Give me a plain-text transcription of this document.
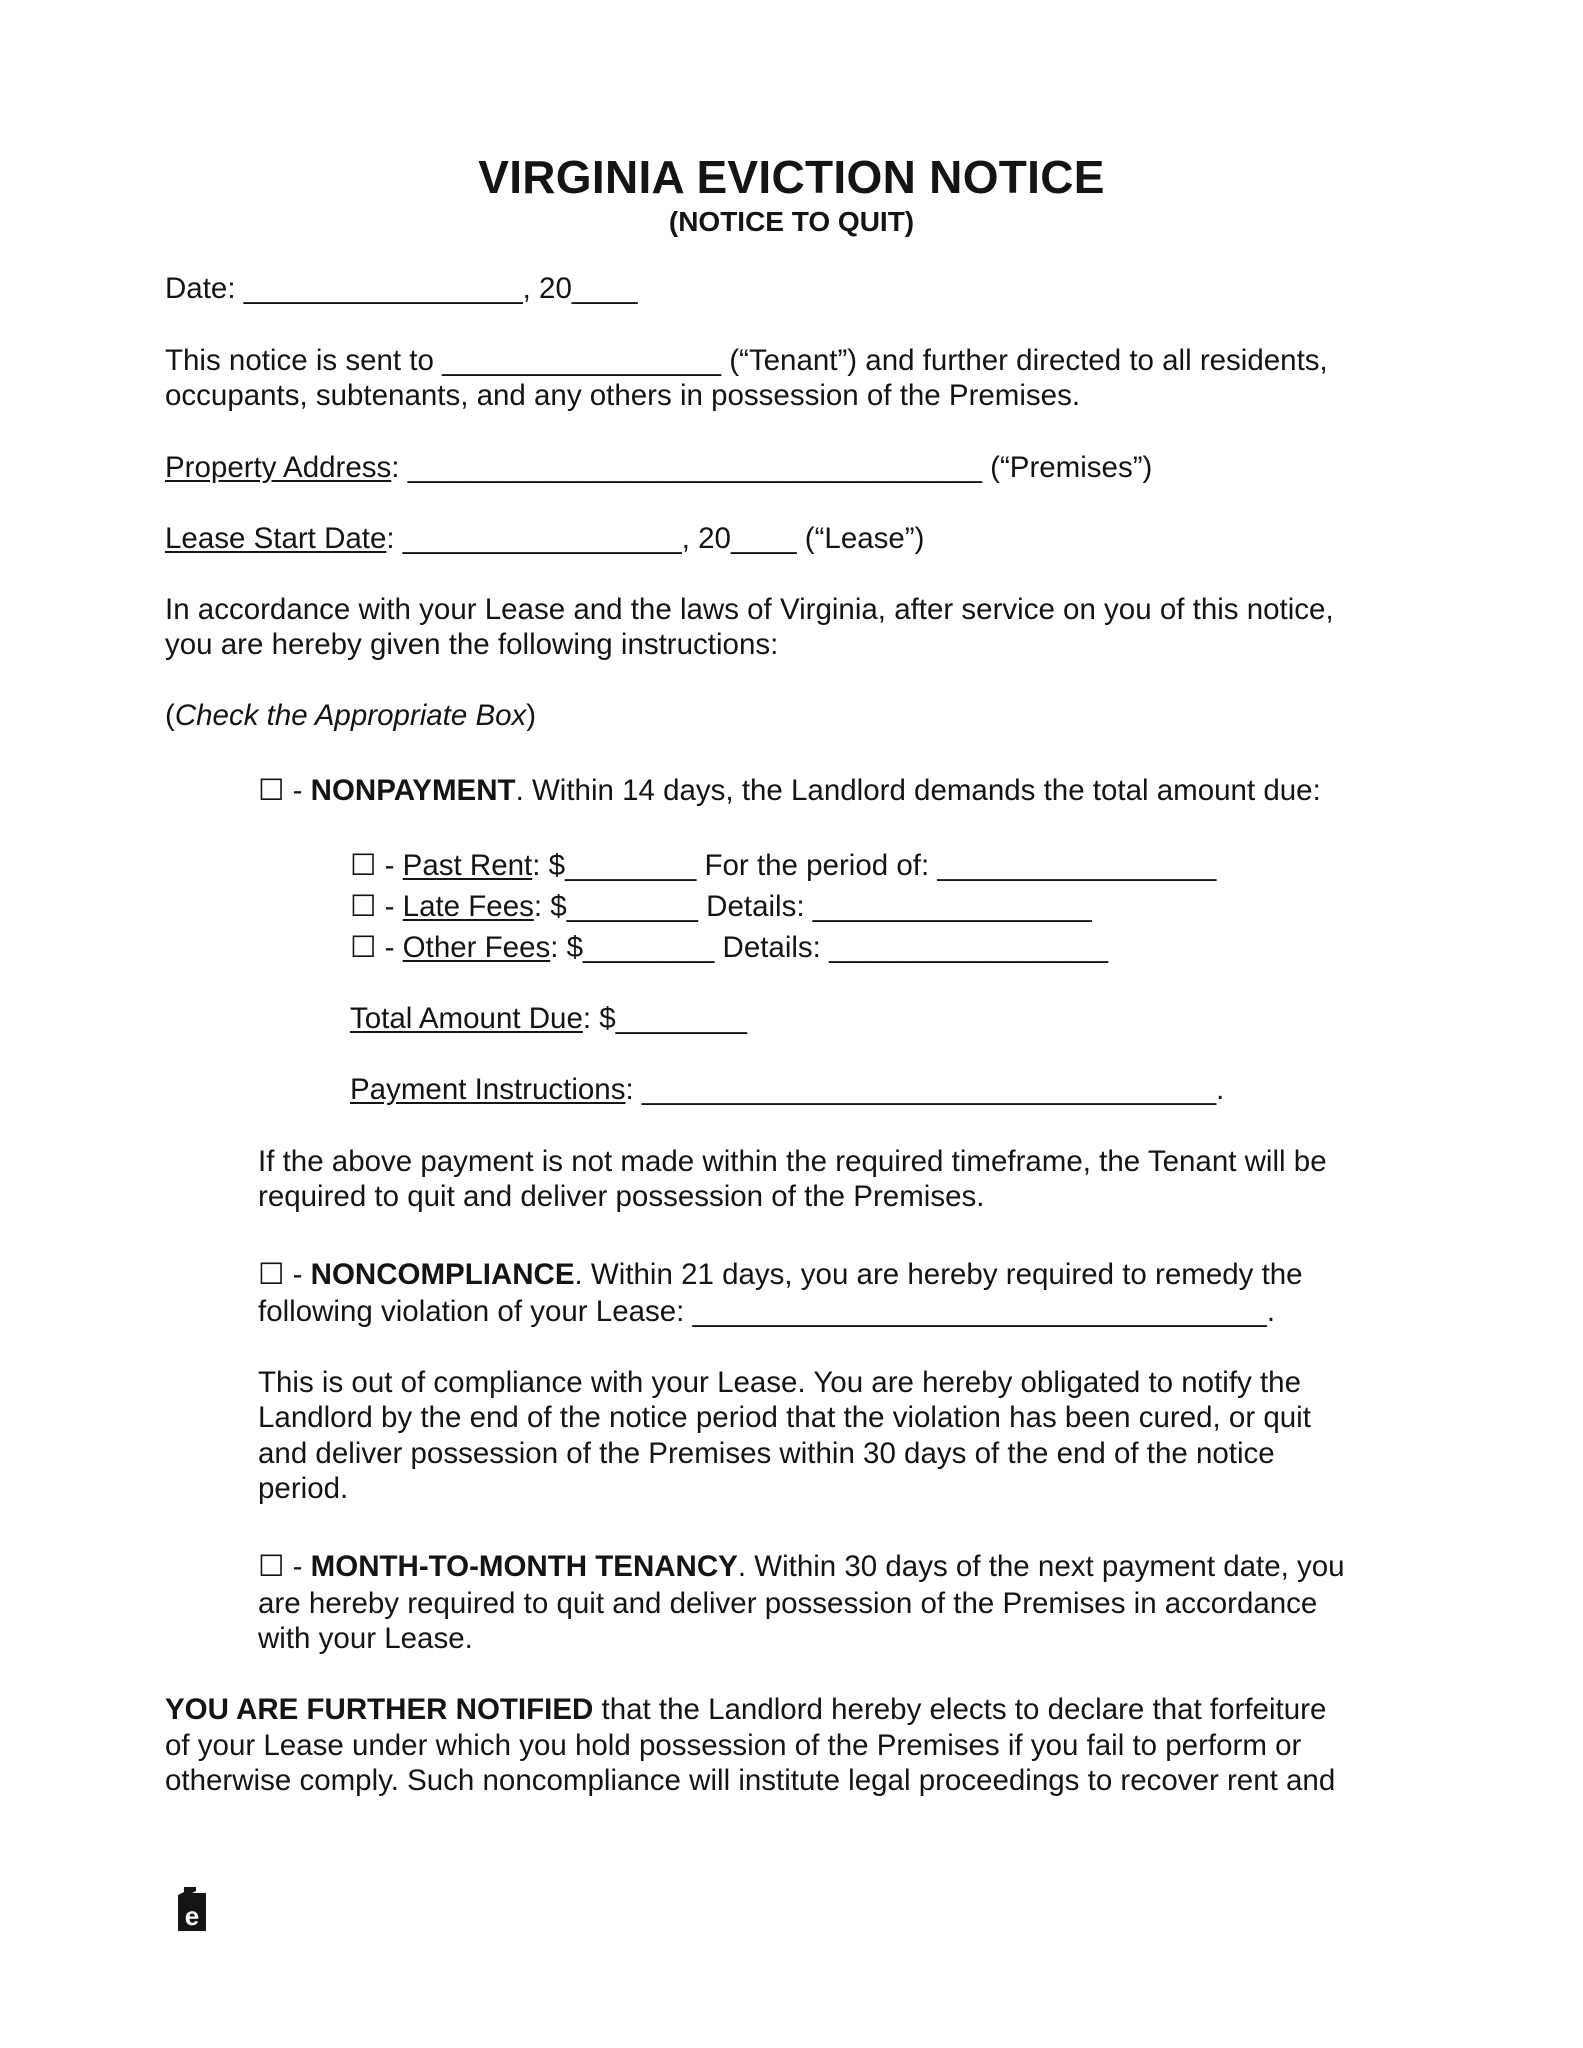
VIRGINIA EVICTION NOTICE
(NOTICE TO QUIT)
Date: _________________, 20____
This notice is sent to _________________ (“Tenant”) and further directed to all residents,
occupants, subtenants, and any others in possession of the Premises.
Property Address: ___________________________________ (“Premises”)
Lease Start Date: _________________, 20____ (“Lease”)
In accordance with your Lease and the laws of Virginia, after service on you of this notice,
you are hereby given the following instructions:
(Check the Appropriate Box)
☐ - NONPAYMENT. Within 14 days, the Landlord demands the total amount due:
☐ - Past Rent: $________ For the period of: _________________
☐ - Late Fees: $________ Details: _________________
☐ - Other Fees: $________ Details: _________________
Total Amount Due: $________
Payment Instructions: ___________________________________.
If the above payment is not made within the required timeframe, the Tenant will be
required to quit and deliver possession of the Premises.
☐ - NONCOMPLIANCE. Within 21 days, you are hereby required to remedy the
following violation of your Lease: ___________________________________.
This is out of compliance with your Lease. You are hereby obligated to notify the
Landlord by the end of the notice period that the violation has been cured, or quit
and deliver possession of the Premises within 30 days of the end of the notice
period.
☐ - MONTH-TO-MONTH TENANCY. Within 30 days of the next payment date, you
are hereby required to quit and deliver possession of the Premises in accordance
with your Lease.
YOU ARE FURTHER NOTIFIED that the Landlord hereby elects to declare that forfeiture
of your Lease under which you hold possession of the Premises if you fail to perform or
otherwise comply. Such noncompliance will institute legal proceedings to recover rent and
e
